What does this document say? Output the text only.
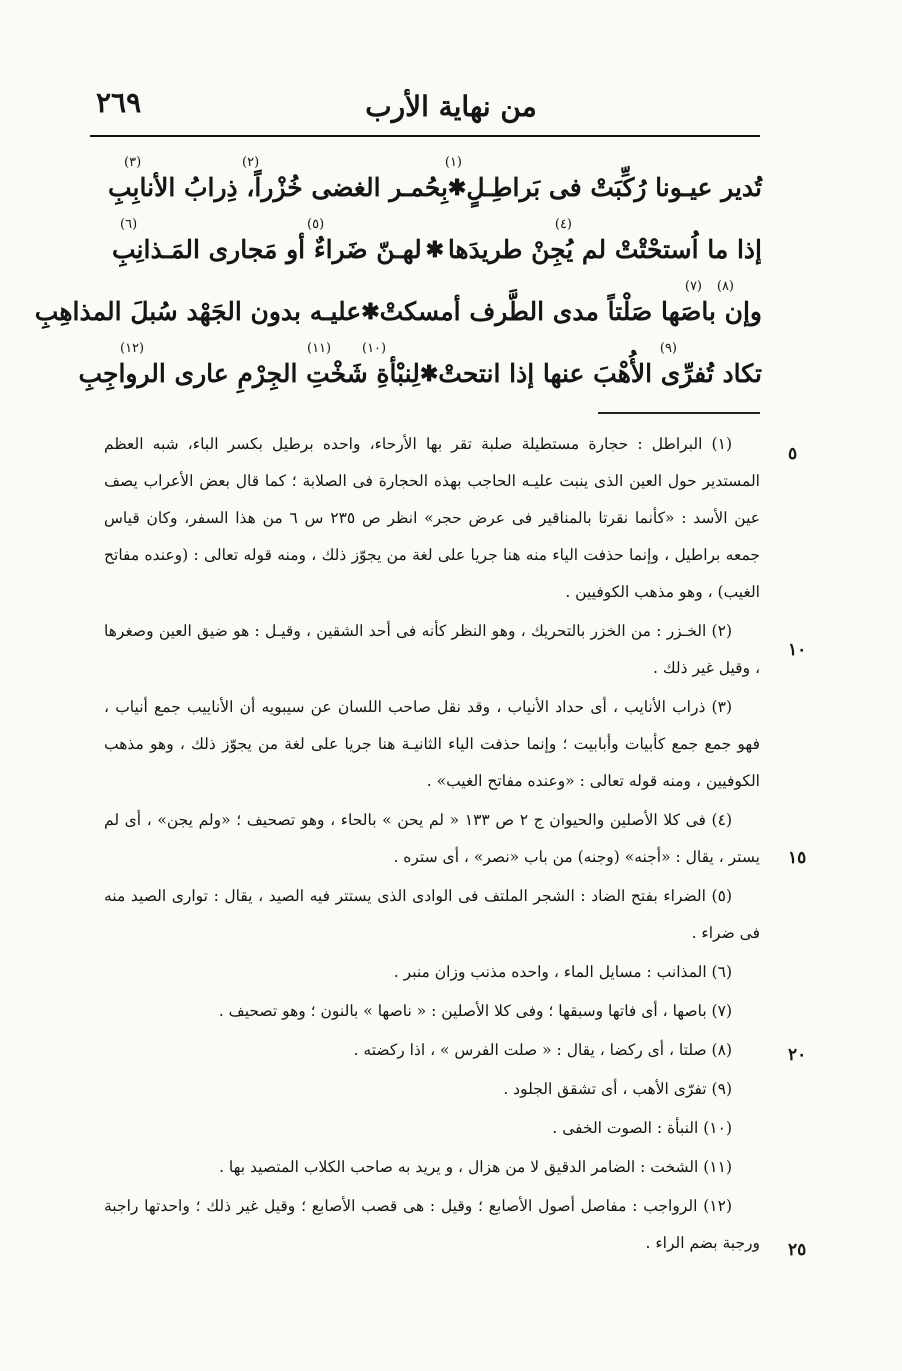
٢٦٩	من نهاية الأرب
(١)
(٢)
(٣)
تُدير عيـونا رُكِّبَتْ فى بَراطِـلٍ
✱
بِحُمـر الغضى خُزْراً، ذِرابُ الأنابِبِ
(٤)
(٥)
(٦)
إذا ما اُستحْتْتْ لم يُجِنْ طريدَها
✱
لهـنّ ضَراءٌ أو مَجارى المَـذانِبِ
(٧) (٨)
وإن باصَها صَلْتاً مدى الطَّرف أمسكتْ
✱
عليـه بدون الجَهْد سُبلَ المذاهِبِ
(٩)
(١٠)
(١١)
(١٢)
تكاد تُفرِّى الأُهْبَ عنها إذا انتحتْ
✱
لِنبْأةِ شَخْتِ الجِرْمِ عارى الرواجِبِ

(١) البراطل : حجارة مستطيلة صلبة تقر بها الأرحاء، واحده برطيل بكسر الباء، شبه العظم المستدير حول العين الذى ينبت عليـه الحاجب بهذه الحجارة فى الصلابة ؛ كما قال بعض الأعراب يصف عين الأسد : «كأنما نقرتا بالمناقير فى عرض حجر» انظر ص ٢٣٥ س ٦ من هذا السفر، وكان قياس جمعه براطيل ، وإنما حذفت الياء منه هنا جريا على لغة من يجوّز ذلك ، ومنه قوله تعالى : (وعنده مفاتح الغيب) ، وهو مذهب الكوفيين .

(٢) الخـزر : من الخزر بالتحريك ، وهو النظر كأنه فى أحد الشقين ، وقيـل : هو ضيق العين وصغرها ، وقيل غير ذلك .

(٣) ذراب الأنايب ، أى حداد الأنياب ، وقد نقل صاحب اللسان عن سيبويه أن الأناييب جمع أنياب ، فهو جمع جمع كأبيات وأبابيت ؛ وإنما حذفت الياء الثانيـة هنا جريا على لغة من يجوّز ذلك ، وهو مذهب الكوفيين ، ومنه قوله تعالى : «وعنده مفاتح الغيب» .

(٤) فى كلا الأصلين والحيوان ج ٢ ص ١٣٣ « لم يحن » بالحاء ، وهو تصحيف ؛ «ولم يجن» ، أى لم يستر ، يقال : «أجنه» (وجنه) من باب «نصر» ، أى ستره .

(٥) الضراء بفتح الضاد : الشجر الملتف فى الوادى الذى يستتر فيه الصيد ، يقال : توارى الصيد منه فى ضراء .

(٦) المذانب : مسايل الماء ، واحده مذنب وزان منبر .

(٧) باصها ، أى فاتها وسبقها ؛ وفى كلا الأصلين : « ناصها » بالنون ؛ وهو تصحيف .

(٨) صلتا ، أى ركضا ، يقال : « صلت الفرس » ، اذا ركضته .

(٩) تفرّى الأهب ، أى تشقق الجلود .

(١٠) النبأة : الصوت الخفى .

(١١) الشخت : الضامر الدقيق لا من هزال ، و يريد به صاحب الكلاب المتصيد بها .

(١٢) الرواجب : مفاصل أصول الأصابع ؛ وقيل : هى قصب الأصابع ؛ وقيل غير ذلك ؛ واحدتها راجبة ورجبة بضم الراء .

٥
١٠
١٥
٢٠
٢٥
